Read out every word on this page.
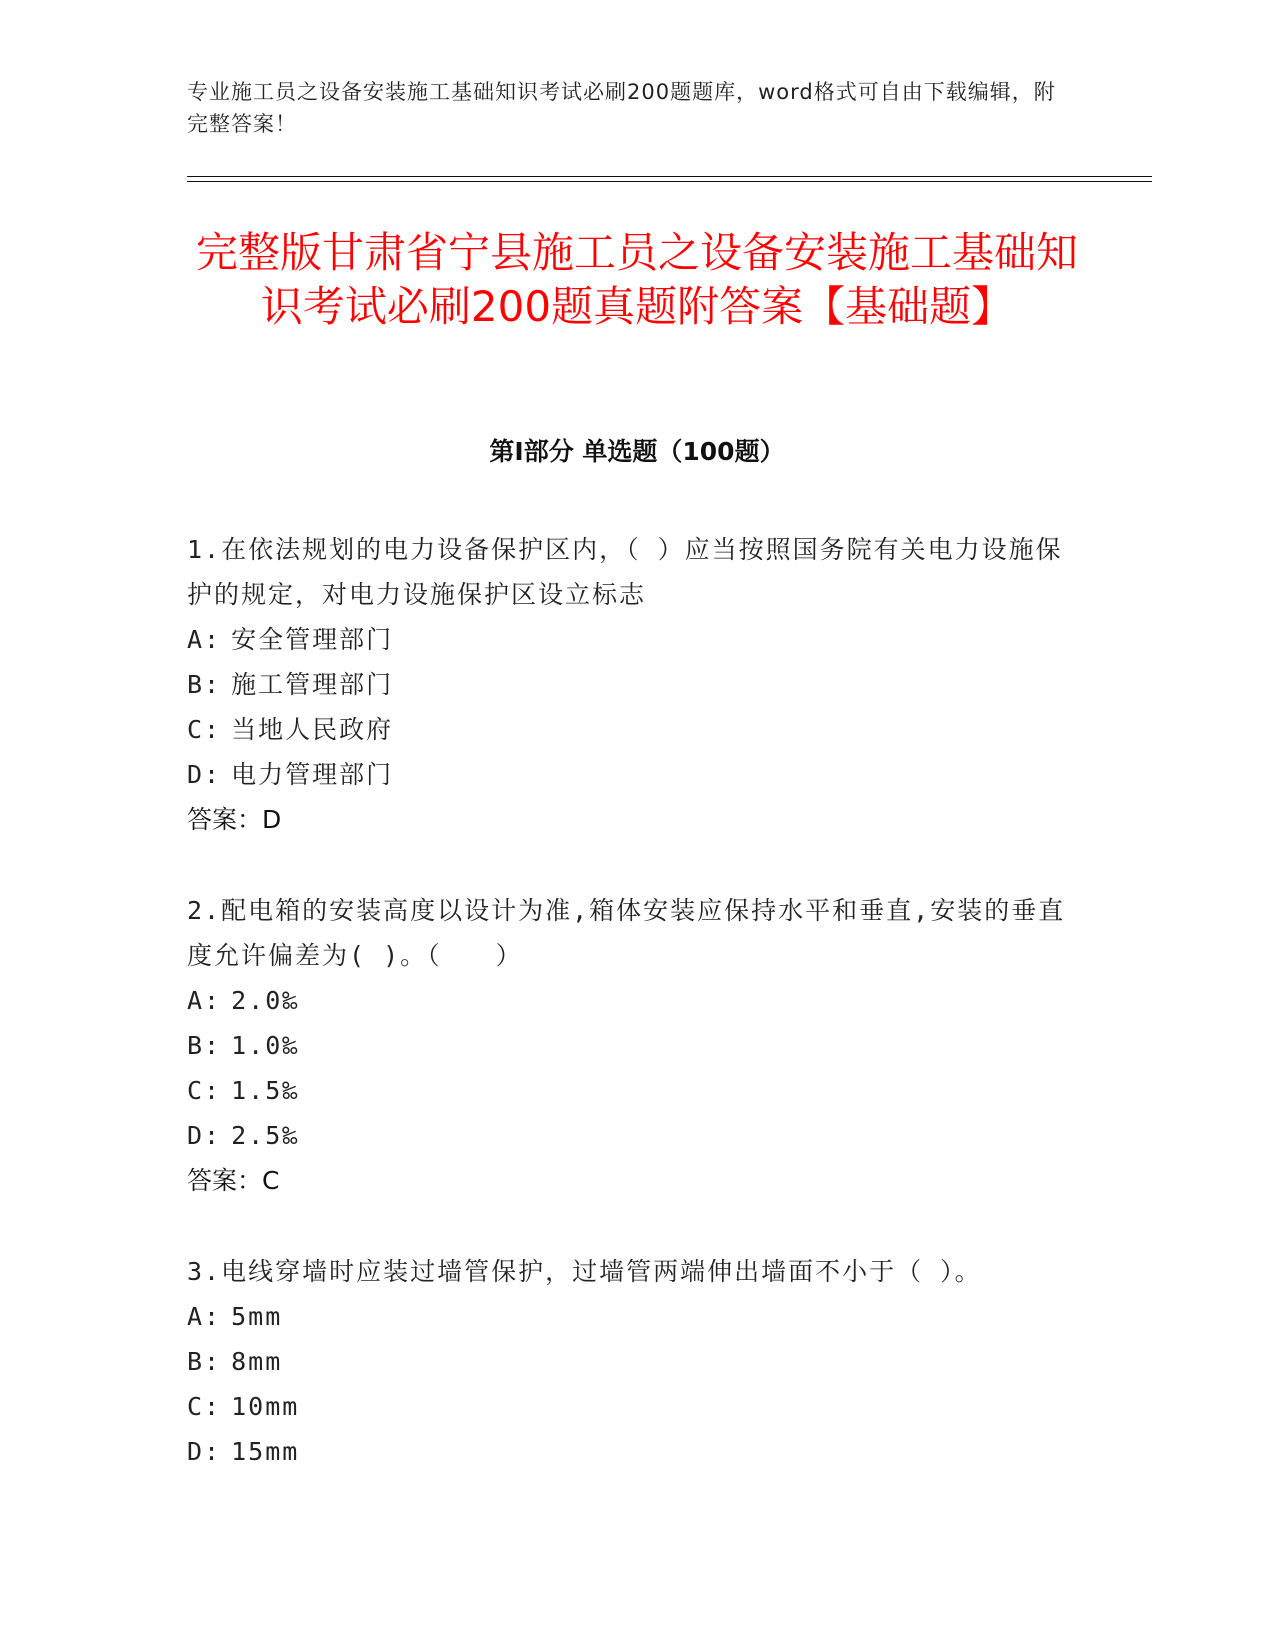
专业施工员之设备安装施工基础知识考试必刷200题题库，word格式可自由下载编辑，附完整答案！
完整版甘肃省宁县施工员之设备安装施工基础知识考试必刷200题真题附答案【基础题】
第Ⅰ部分 单选题（100题）
1.在依法规划的电力设备保护区内，（ ）应当按照国务院有关电力设施保护的规定，对电力设施保护区设立标志
A: 安全管理部门
B: 施工管理部门
C: 当地人民政府
D: 电力管理部门
答案：D
2.配电箱的安装高度以设计为准,箱体安装应保持水平和垂直,安装的垂直度允许偏差为( )。（　　）
A: 2.0‰
B: 1.0‰
C: 1.5‰
D: 2.5‰
答案：C
3.电线穿墙时应装过墙管保护，过墙管两端伸出墙面不小于（ ）。
A: 5mm
B: 8mm
C: 10mm
D: 15mm
